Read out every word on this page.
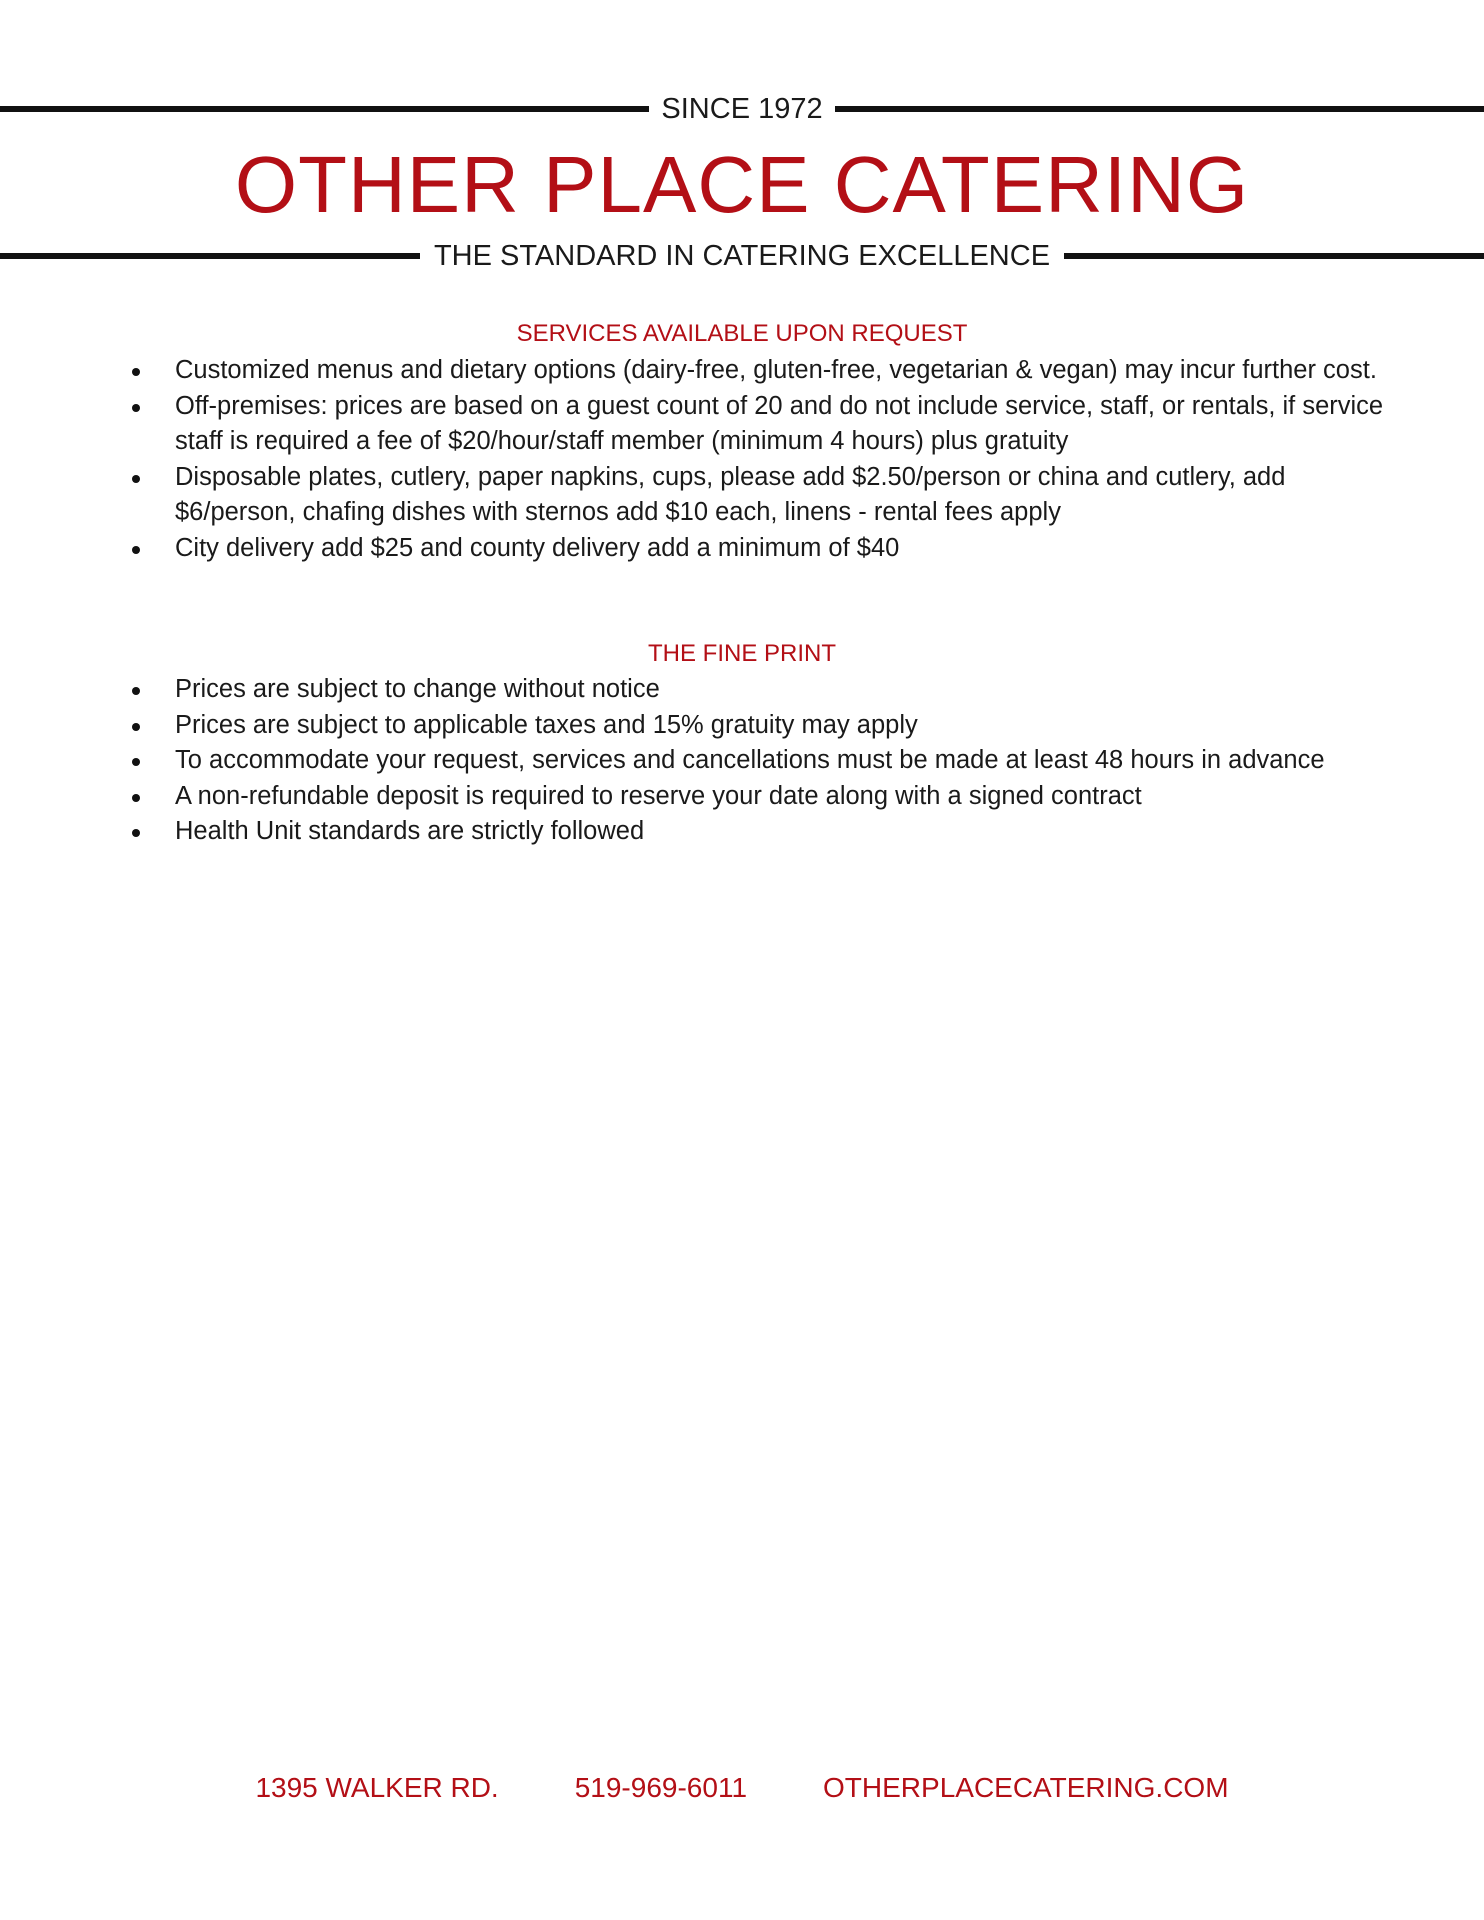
SINCE 1972
OTHER PLACE CATERING
THE STANDARD IN CATERING EXCELLENCE
SERVICES AVAILABLE UPON REQUEST
Customized menus and dietary options (dairy-free, gluten-free, vegetarian & vegan) may incur further cost.
Off-premises: prices are based on a guest count of 20 and do not include service, staff, or rentals, if service staff is required a fee of $20/hour/staff member (minimum 4 hours) plus gratuity
Disposable plates, cutlery, paper napkins, cups, please add $2.50/person or china and cutlery, add $6/person, chafing dishes with sternos add $10 each, linens - rental fees apply
City delivery add $25 and county delivery add a minimum of $40
THE FINE PRINT
Prices are subject to change without notice
Prices are subject to applicable taxes and 15% gratuity may apply
To accommodate your request, services and cancellations must be made at least 48 hours in advance
A non-refundable deposit is required to reserve your date along with a signed contract
Health Unit standards are strictly followed
1395 WALKER RD.	519-969-6011	OTHERPLACECATERING.COM
